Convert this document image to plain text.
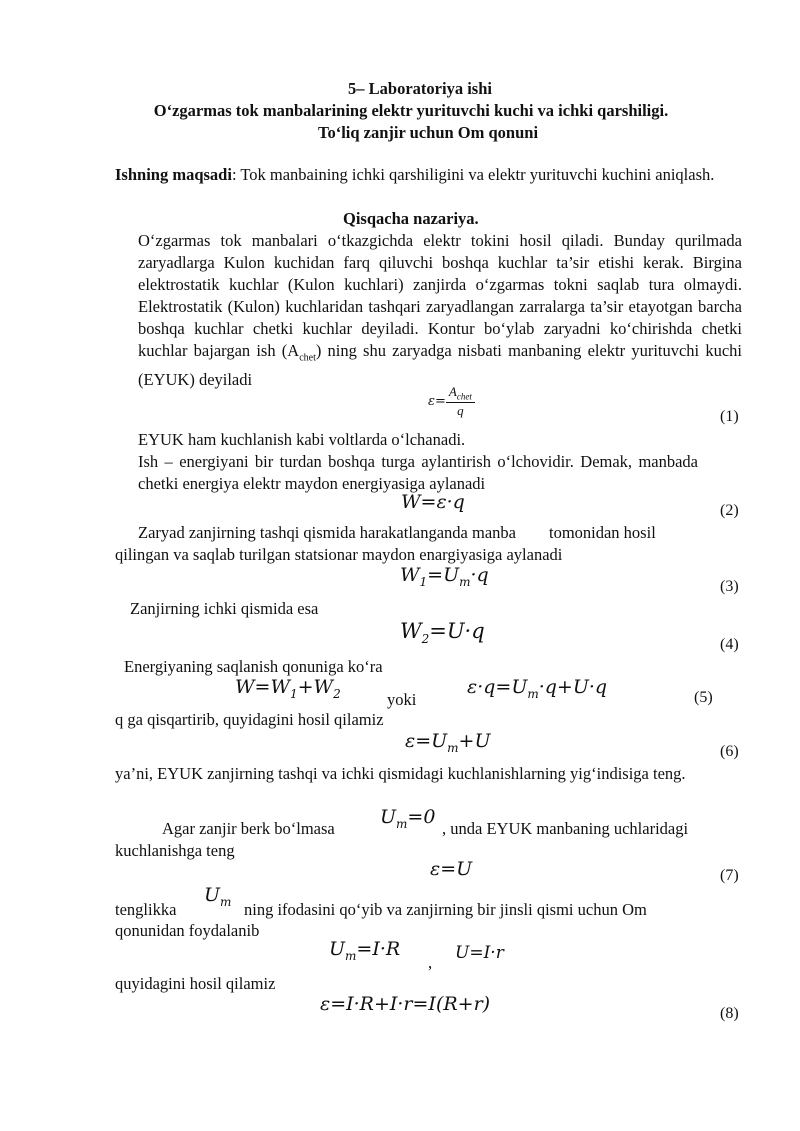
5– Laboratoriya ishi
O‘zgarmas tok manbalarining elektr yurituvchi kuchi va ichki qarshiligi.
To‘liq zanjir uchun Om qonuni
Ishning maqsadi: Tok manbaining ichki qarshiligini va elektr yurituvchi kuchini aniqlash.
Qisqacha nazariya.
O‘zgarmas tok manbalari o‘tkazgichda elektr tokini hosil qiladi. Bunday qurilmada zaryadlarga Kulon kuchidan farq qiluvchi boshqa kuchlar ta’sir etishi kerak. Birgina elektrostatik kuchlar (Kulon kuchlari) zanjirda o‘zgarmas tokni saqlab tura olmaydi. Elektrostatik (Kulon) kuchlaridan tashqari zaryadlangan zarralarga ta’sir etayotgan barcha boshqa kuchlar chetki kuchlar deyiladi. Kontur bo‘ylab zaryadni ko‘chirishda chetki kuchlar bajargan ish $(A_{chet})$ ning shu zaryadga nisbati manbaning elektr yurituvchi kuchi (EYUK) deyiladi
$\varepsilon= \frac{A_{chet}}{q}$	(1)
EYUK ham kuchlanish kabi voltlarda o‘lchanadi.
Ish – energiyani bir turdan boshqa turga aylantirish o‘lchovidir. Demak, manbada chetki energiya elektr maydon energiyasiga aylanadi
W=ε·q	(2)
Zaryad zanjirning tashqi qismida harakatlanganda manba        tomonidan hosil
qilingan va saqlab turilgan statsionar maydon enargiyasiga aylanadi
$W_1=U_m\cdot q$
(3)
Zanjirning ichki qismida esa
$W_2=U\cdot q$
(4)
Energiyaning saqlanish qonuniga ko‘ra
$W=W_1+W_2$	yoki
$\varepsilon\cdot q=U_m\cdot q+U\cdot q$	(5)
q ga qisqartirib, quyidagini hosil qilamiz
$\varepsilon=U_m+U$	(6)
ya’ni, EYUK zanjirning tashqi va ichki qismidagi kuchlanishlarning yig‘indisiga teng.
Agar zanjir berk bo‘lmasa
$U_m=0$
, unda EYUK manbaning uchlaridagi
kuchlanishga teng
ε=U	(7)
tenglikka
$U_m$ ning ifodasini qo‘yib va zanjirning bir jinsli qismi uchun Om
qonunidan foydalanib
$U_m=I\cdot R$
, U=I·r
quyidagini hosil qilamiz
ε=I·R+I·r=I(R+r)	(8)
